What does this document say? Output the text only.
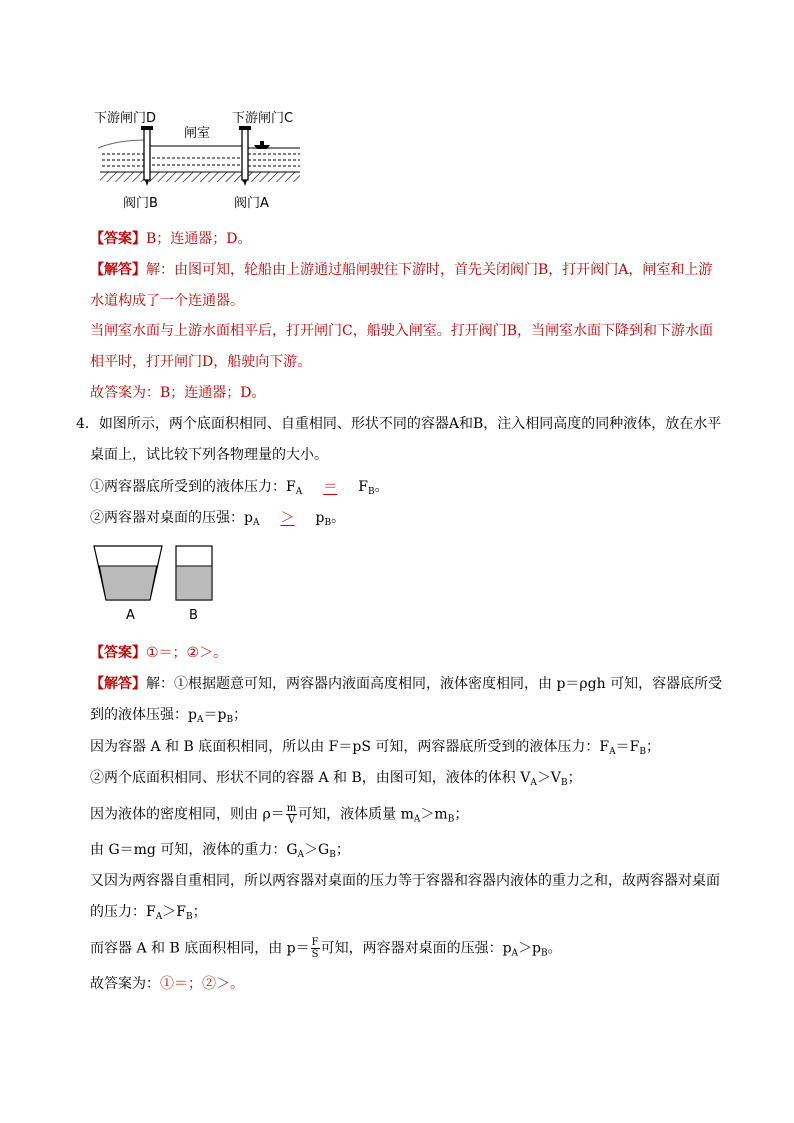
下游闸门D	下游闸门C
闸室
阀门B	阀门A
【答案】B；连通器；D。
【解答】解：由图可知，轮船由上游通过船闸驶往下游时，首先关闭阀门B，打开阀门A，闸室和上游
水道构成了一个连通器。
当闸室水面与上游水面相平后，打开闸门C，船驶入闸室。打开阀门B，当闸室水面下降到和下游水面
相平时，打开闸门D，船驶向下游。
故答案为：B；连通器；D。
4．如图所示，两个底面积相同、自重相同、形状不同的容器A和B，注入相同高度的同种液体，放在水平
桌面上，试比较下列各物理量的大小。
①两容器底所受到的液体压力：$F_A = F_B$。
②两容器对桌面的压强：$p_A > p_B$。
A	B
【答案】①＝；②＞。
【解答】解：①根据题意可知，两容器内液面高度相同，液体密度相同，由 p＝ρgh 可知，容器底所受
到的液体压强：$p_A=p_B$；
因为容器 A 和 B 底面积相同，所以由 F＝pS 可知，两容器底所受到的液体压力：$F_A=F_B$；
②两个底面积相同、形状不同的容器 A 和 B，由图可知，液体的体积 $V_A>V_B$；
因为液体的密度相同，则由 $\rho= \frac{m}{V}$ 可知，液体质量 $m_A>m_B$；
由 G＝mg 可知，液体的重力：$G_A>G_B$；
又因为两容器自重相同，所以两容器对桌面的压力等于容器和容器内液体的重力之和，故两容器对桌面
的压力：$F_A>F_B$；
而容器 A 和 B 底面积相同，由 $p= \frac{F}{S}$ 可知，两容器对桌面的压强：$p_A>p_B$。
故答案为：①＝；②＞。
